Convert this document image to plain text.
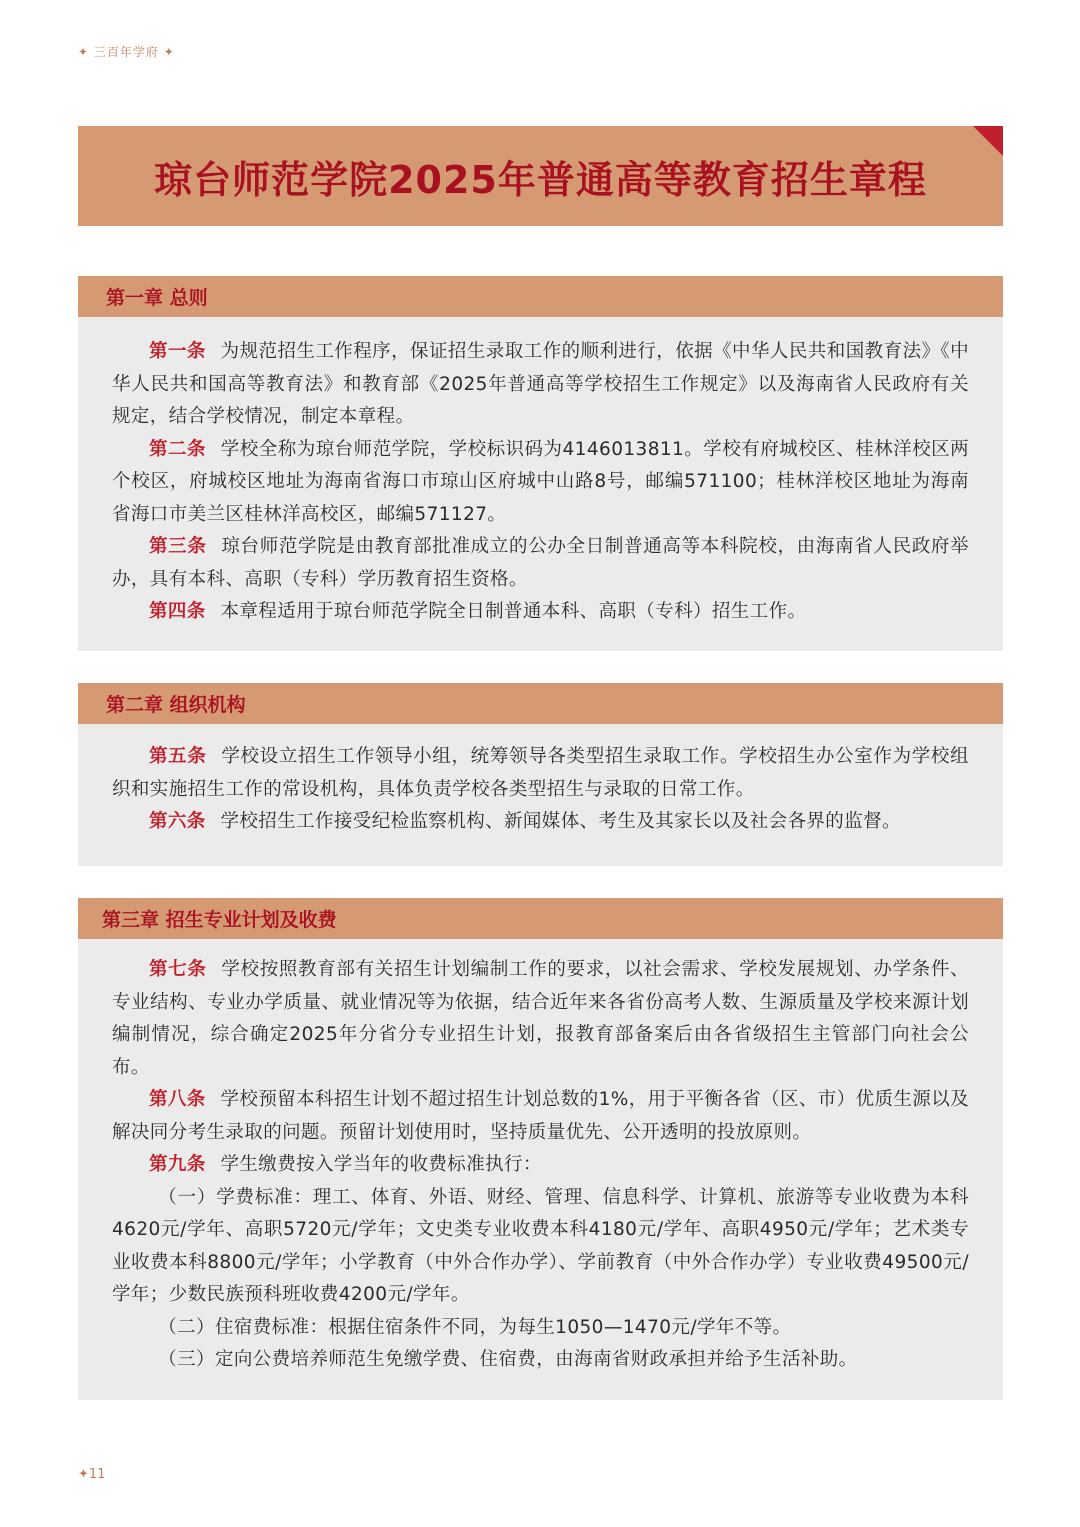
✦ 三百年学府 ✦
琼台师范学院2025年普通高等教育招生章程
第一章 总则

第一条 为规范招生工作程序，保证招生录取工作的顺利进行，依据《中华人民共和国教育法》《中华人民共和国高等教育法》和教育部《2025年普通高等学校招生工作规定》以及海南省人民政府有关规定，结合学校情况，制定本章程。

第二条 学校全称为琼台师范学院，学校标识码为4146013811。学校有府城校区、桂林洋校区两个校区，府城校区地址为海南省海口市琼山区府城中山路8号，邮编571100；桂林洋校区地址为海南省海口市美兰区桂林洋高校区，邮编571127。

第三条 琼台师范学院是由教育部批准成立的公办全日制普通高等本科院校，由海南省人民政府举办，具有本科、高职（专科）学历教育招生资格。

第四条 本章程适用于琼台师范学院全日制普通本科、高职（专科）招生工作。

第二章 组织机构

第五条 学校设立招生工作领导小组，统筹领导各类型招生录取工作。学校招生办公室作为学校组织和实施招生工作的常设机构，具体负责学校各类型招生与录取的日常工作。

第六条 学校招生工作接受纪检监察机构、新闻媒体、考生及其家长以及社会各界的监督。

第三章 招生专业计划及收费

第七条 学校按照教育部有关招生计划编制工作的要求，以社会需求、学校发展规划、办学条件、专业结构、专业办学质量、就业情况等为依据，结合近年来各省份高考人数、生源质量及学校来源计划编制情况，综合确定2025年分省分专业招生计划，报教育部备案后由各省级招生主管部门向社会公布。

第八条 学校预留本科招生计划不超过招生计划总数的1%，用于平衡各省（区、市）优质生源以及解决同分考生录取的问题。预留计划使用时，坚持质量优先、公开透明的投放原则。

第九条 学生缴费按入学当年的收费标准执行：

（一）学费标准：理工、体育、外语、财经、管理、信息科学、计算机、旅游等专业收费为本科4620元/学年、高职5720元/学年；文史类专业收费本科4180元/学年、高职4950元/学年；艺术类专业收费本科8800元/学年；小学教育（中外合作办学）、学前教育（中外合作办学）专业收费49500元/学年；少数民族预科班收费4200元/学年。

（二）住宿费标准：根据住宿条件不同，为每生1050—1470元/学年不等。

（三）定向公费培养师范生免缴学费、住宿费，由海南省财政承担并给予生活补助。

✦11
